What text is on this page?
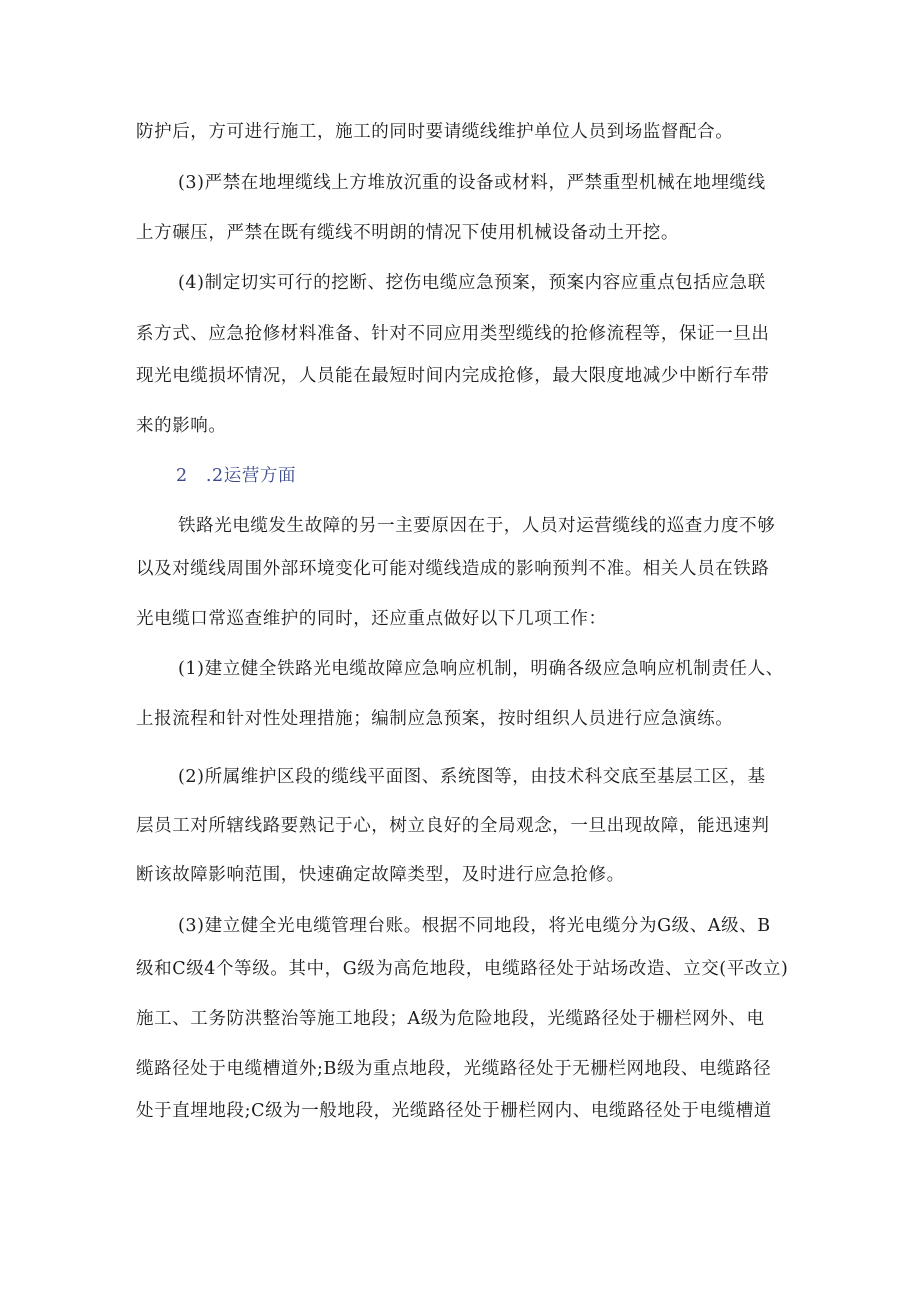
防护后，方可进行施工，施工的同时要请缆线维护单位人员到场监督配合。
(3)严禁在地埋缆线上方堆放沉重的设备或材料，严禁重型机械在地埋缆线
上方碾压，严禁在既有缆线不明朗的情况下使用机械设备动土开挖。
(4)制定切实可行的挖断、挖伤电缆应急预案，预案内容应重点包括应急联
系方式、应急抢修材料准备、针对不同应用类型缆线的抢修流程等，保证一旦出
现光电缆损坏情况，人员能在最短时间内完成抢修，最大限度地减少中断行车带
来的影响。
2　.2运营方面
铁路光电缆发生故障的另一主要原因在于，人员对运营缆线的巡查力度不够
以及对缆线周围外部环境变化可能对缆线造成的影响预判不准。相关人员在铁路
光电缆口常巡查维护的同时，还应重点做好以下几项工作：
(1)建立健全铁路光电缆故障应急响应机制，明确各级应急响应机制责任人、
上报流程和针对性处理措施；编制应急预案，按时组织人员进行应急演练。
(2)所属维护区段的缆线平面图、系统图等，由技术科交底至基层工区，基
层员工对所辖线路要熟记于心，树立良好的全局观念，一旦出现故障，能迅速判
断该故障影响范围，快速确定故障类型，及时进行应急抢修。
(3)建立健全光电缆管理台账。根据不同地段，将光电缆分为G级、A级、B
级和C级4个等级。其中，G级为高危地段，电缆路径处于站场改造、立交(平改立)
施工、工务防洪整治等施工地段；A级为危险地段，光缆路径处于栅栏网外、电
缆路径处于电缆槽道外;B级为重点地段，光缆路径处于无栅栏网地段、电缆路径
处于直埋地段;C级为一般地段，光缆路径处于栅栏网内、电缆路径处于电缆槽道
